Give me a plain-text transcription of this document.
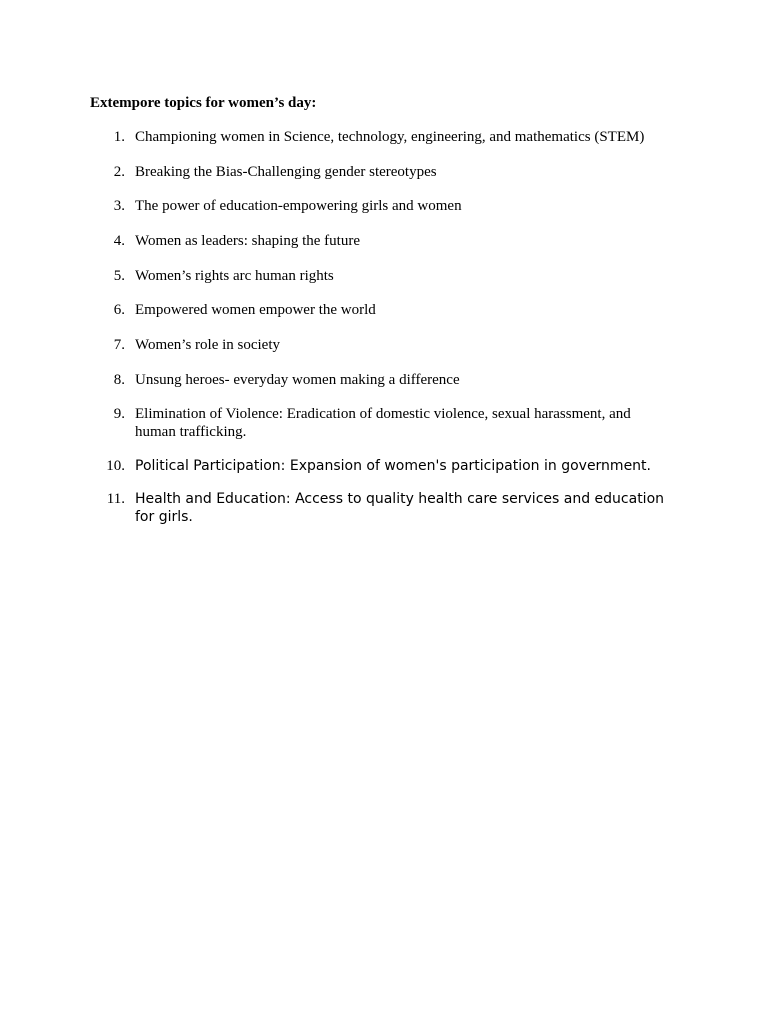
Extempore topics for women’s day:
1. Championing women in Science, technology, engineering, and mathematics (STEM)
2. Breaking the Bias-Challenging gender stereotypes
3. The power of education-empowering girls and women
4. Women as leaders: shaping the future
5. Women’s rights arc human rights
6. Empowered women empower the world
7. Women’s role in society
8. Unsung heroes- everyday women making a difference
9. Elimination of Violence: Eradication of domestic violence, sexual harassment, and human trafficking.
10. Political Participation: Expansion of women's participation in government.
11. Health and Education: Access to quality health care services and education for girls.
